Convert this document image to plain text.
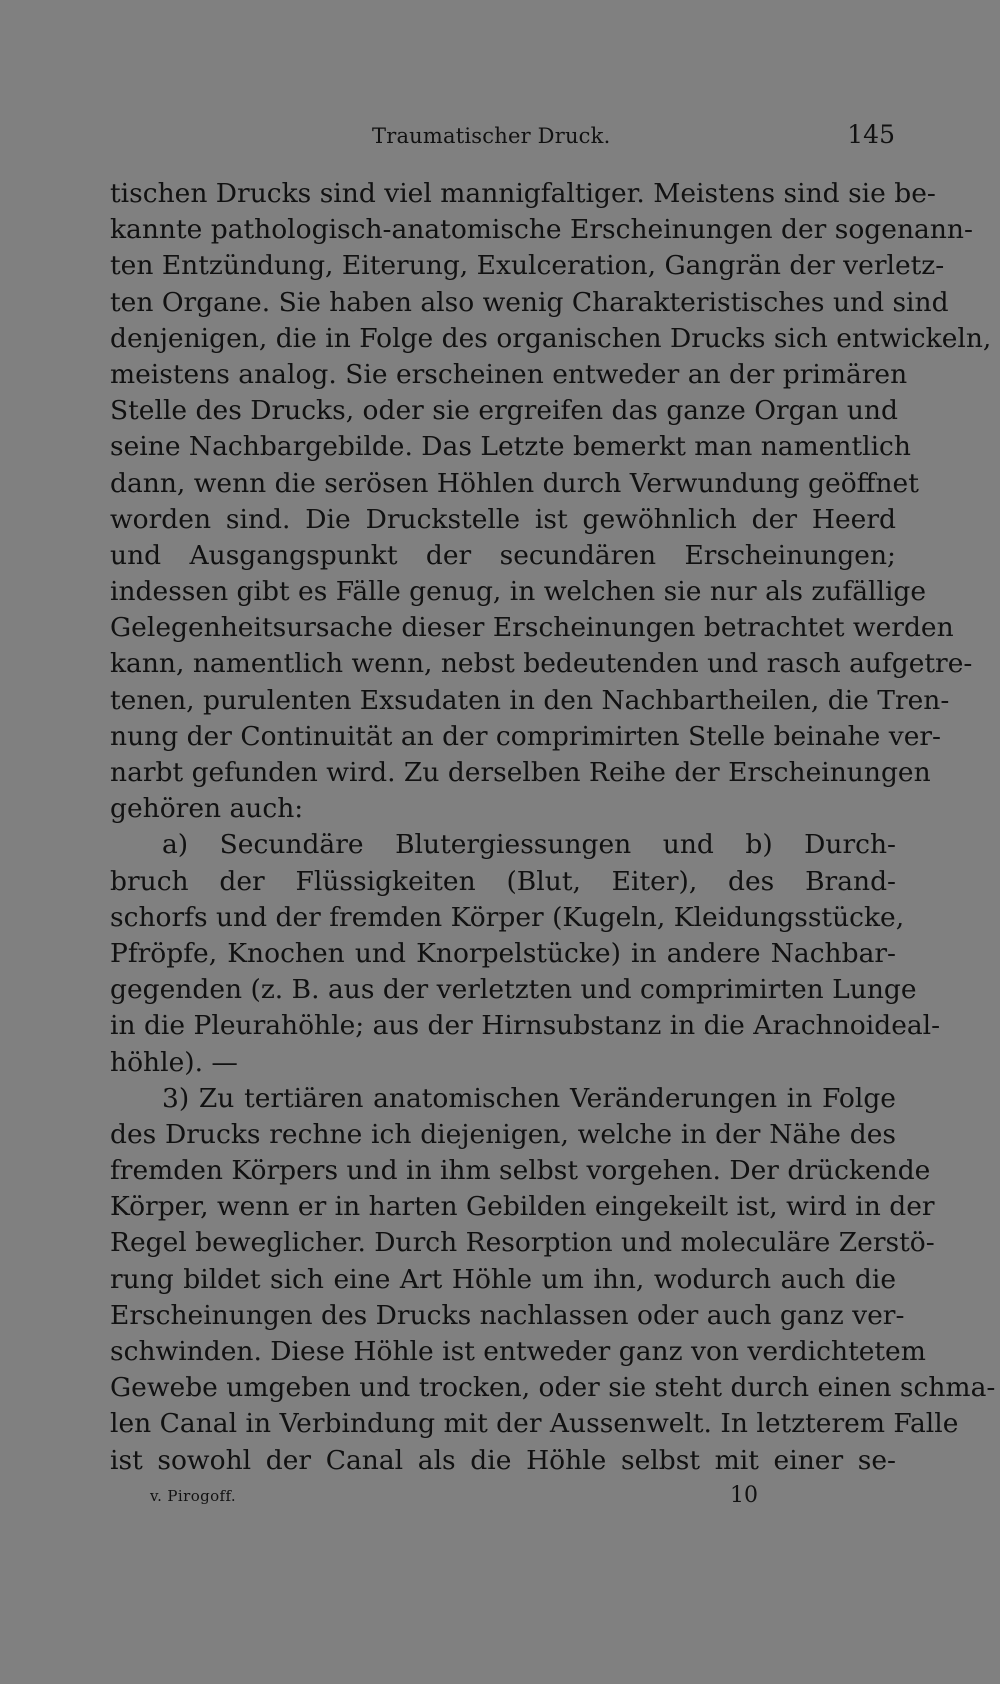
Traumatischer Druck.	145
tischen Drucks sind viel mannigfaltiger. Meistens sind sie be-
kannte pathologisch-anatomische Erscheinungen der sogenann-
ten Entzündung, Eiterung, Exulceration, Gangrän der verletz-
ten Organe. Sie haben also wenig Charakteristisches und sind
denjenigen, die in Folge des organischen Drucks sich entwickeln,
meistens analog. Sie erscheinen entweder an der primären
Stelle des Drucks, oder sie ergreifen das ganze Organ und
seine Nachbargebilde. Das Letzte bemerkt man namentlich
dann, wenn die serösen Höhlen durch Verwundung geöffnet
worden sind. Die Druckstelle ist gewöhnlich der Heerd
und Ausgangspunkt der secundären Erscheinungen;
indessen gibt es Fälle genug, in welchen sie nur als zufällige
Gelegenheitsursache dieser Erscheinungen betrachtet werden
kann, namentlich wenn, nebst bedeutenden und rasch aufgetre-
tenen, purulenten Exsudaten in den Nachbartheilen, die Tren-
nung der Continuität an der comprimirten Stelle beinahe ver-
narbt gefunden wird. Zu derselben Reihe der Erscheinungen
gehören auch:
a) Secundäre Blutergiessungen und b) Durch-
bruch der Flüssigkeiten (Blut, Eiter), des Brand-
schorfs und der fremden Körper (Kugeln, Kleidungsstücke,
Pfröpfe, Knochen und Knorpelstücke) in andere Nachbar-
gegenden (z. B. aus der verletzten und comprimirten Lunge
in die Pleurahöhle; aus der Hirnsubstanz in die Arachnoideal-
höhle). —
3) Zu tertiären anatomischen Veränderungen in Folge
des Drucks rechne ich diejenigen, welche in der Nähe des
fremden Körpers und in ihm selbst vorgehen. Der drückende
Körper, wenn er in harten Gebilden eingekeilt ist, wird in der
Regel beweglicher. Durch Resorption und moleculäre Zerstö-
rung bildet sich eine Art Höhle um ihn, wodurch auch die
Erscheinungen des Drucks nachlassen oder auch ganz ver-
schwinden. Diese Höhle ist entweder ganz von verdichtetem
Gewebe umgeben und trocken, oder sie steht durch einen schma-
len Canal in Verbindung mit der Aussenwelt. In letzterem Falle
ist sowohl der Canal als die Höhle selbst mit einer se-
v. Pirogoff.	10
